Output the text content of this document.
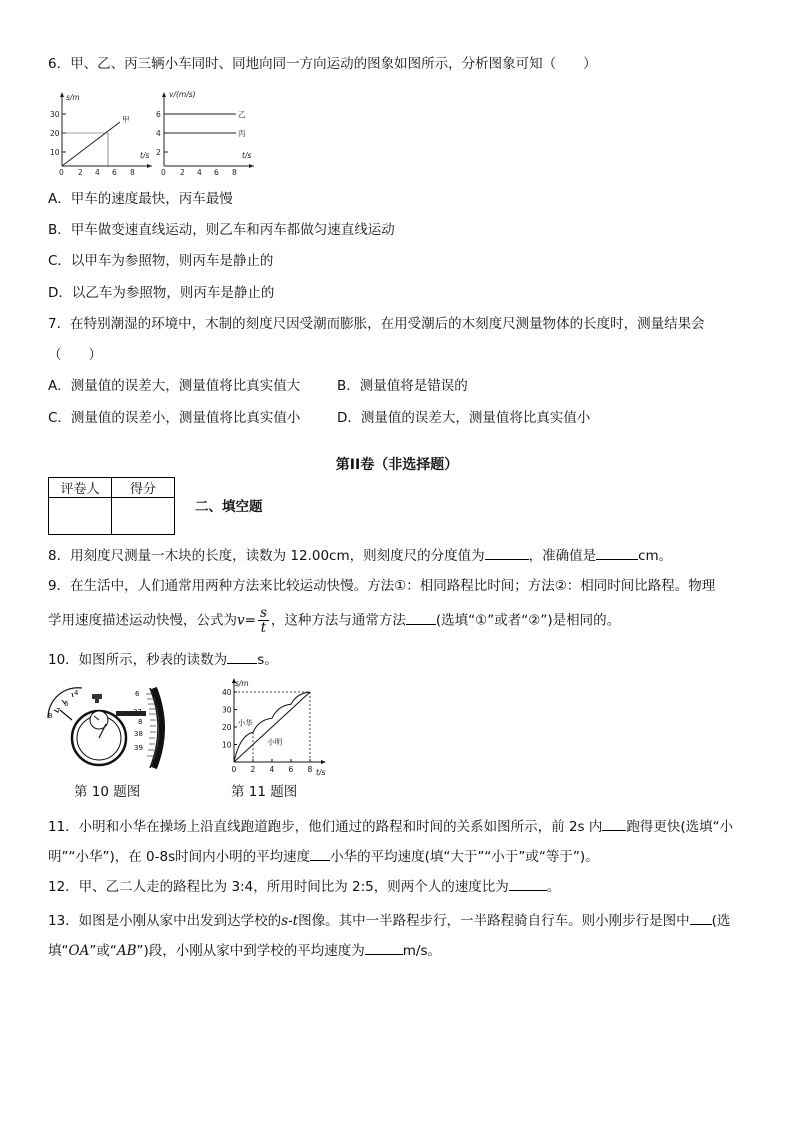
6．甲、乙、丙三辆小车同时、同地向同一方向运动的图象如图所示，分析图象可知（　　）
10
20
30
0 2 4 6 8
s/m
t/s
甲
2
4
6
0 2 4 6 8
v/(m/s)
t/s
乙
丙
A．甲车的速度最快，丙车最慢
B．甲车做变速直线运动，则乙车和丙车都做匀速直线运动
C．以甲车为参照物，则丙车是静止的
D．以乙车为参照物，则丙车是静止的
7．在特别潮湿的环境中，木制的刻度尺因受潮而膨胀，在用受潮后的木刻度尺测量物体的长度时，测量结果会
（　　）
A．测量值的误差大，测量值将比真实值大	B．测量值将是错误的
C．测量值的误差小，测量值将比真实值小	D．测量值的误差大，测量值将比真实值小
第II卷（非选择题）
评卷人	得分

二、填空题
8．用刻度尺测量一木块的长度，读数为 12.00cm，则刻度尺的分度值为	，准确值是	cm。
9．在生活中，人们通常用两种方法来比较运动快慢。方法①：相同路程比时间；方法②：相同时间比路程。物理
学用速度描述运动快慢，公式为$v= \frac{s}{t}$ ，这种方法与通常方法 (选填“①”或者“②”)是相同的。
10．如图所示，秒表的读数为 s。
4
6
7
8
6
37
8
38
39
0 2 4 6 8
10
20
30
40
s/m
t/s
小明
小华
第 10 题图	第 11 题图
11．小明和小华在操场上沿直线跑道跑步，他们通过的路程和时间的关系如图所示，前 2s 内 跑得更快(选填“小
明”“小华”)，在 0-8s时间内小明的平均速度 小华的平均速度(填“大于”“小于”或“等于”)。
12．甲、乙二人走的路程比为 3:4，所用时间比为 2:5，则两个人的速度比为	。
13．如图是小刚从家中出发到达学校的s-t图像。其中一半路程步行，一半路程骑自行车。则小刚步行是图中 (选
填“OA”或“AB”)段，小刚从家中到学校的平均速度为	m/s。
